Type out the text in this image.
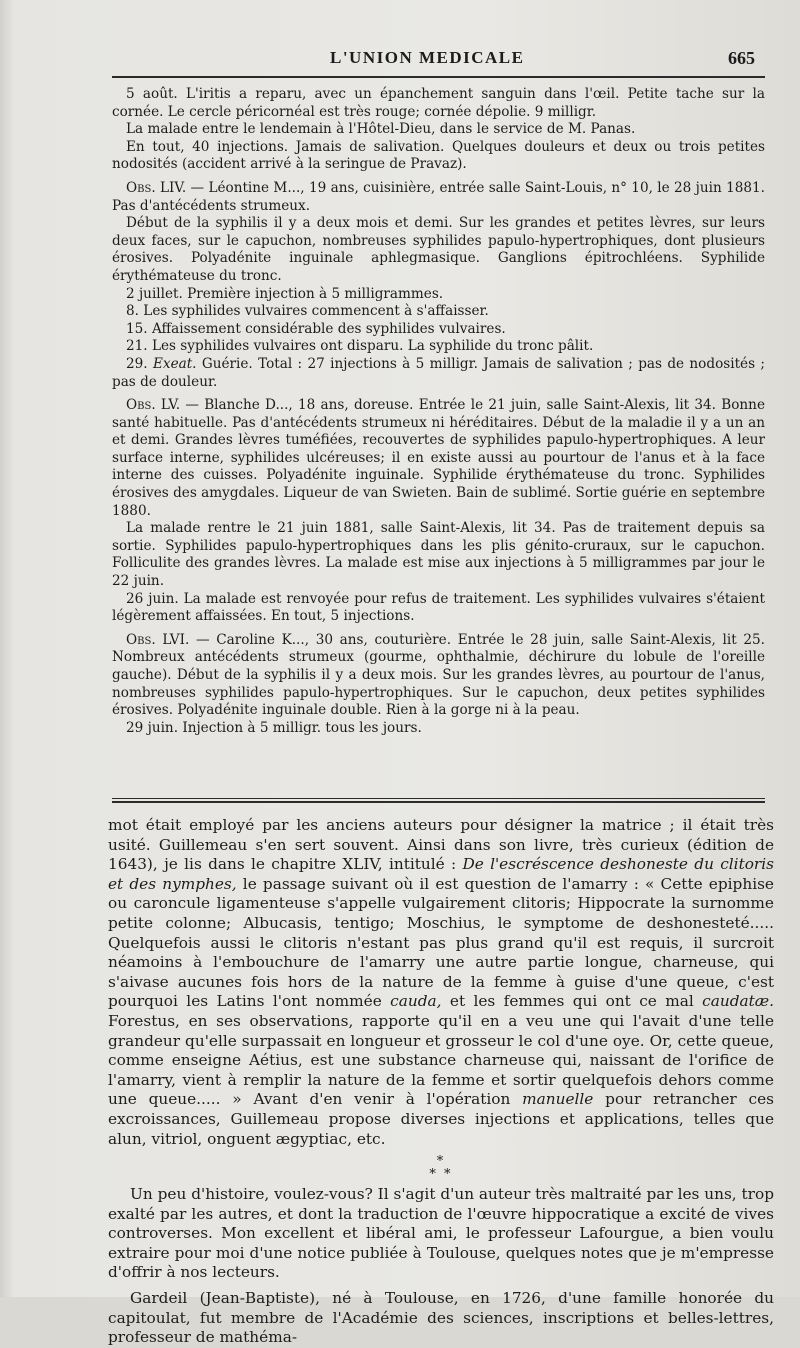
L'UNION MEDICALE	665

5 août. L'iritis a reparu, avec un épanchement sanguin dans l'œil. Petite tache sur la cornée. Le cercle péricornéal est très rouge; cornée dépolie. 9 milligr.

La malade entre le lendemain à l'Hôtel-Dieu, dans le service de M. Panas.

En tout, 40 injections. Jamais de salivation. Quelques douleurs et deux ou trois petites nodosités (accident arrivé à la seringue de Pravaz).

Obs. LIV. — Léontine M..., 19 ans, cuisinière, entrée salle Saint-Louis, n° 10, le 28 juin 1881. Pas d'antécédents strumeux.

Début de la syphilis il y a deux mois et demi. Sur les grandes et petites lèvres, sur leurs deux faces, sur le capuchon, nombreuses syphilides papulo-hypertrophiques, dont plusieurs érosives. Polyadénite inguinale aphlegmasique. Ganglions épitrochléens. Syphilide érythémateuse du tronc.

2 juillet. Première injection à 5 milligrammes.

8. Les syphilides vulvaires commencent à s'affaisser.

15. Affaissement considérable des syphilides vulvaires.

21. Les syphilides vulvaires ont disparu. La syphilide du tronc pâlit.

29. Exeat. Guérie. Total : 27 injections à 5 milligr. Jamais de salivation ; pas de nodosités ; pas de douleur.

Obs. LV. — Blanche D..., 18 ans, doreuse. Entrée le 21 juin, salle Saint-Alexis, lit 34. Bonne santé habituelle. Pas d'antécédents strumeux ni héréditaires. Début de la maladie il y a un an et demi. Grandes lèvres tuméfiées, recouvertes de syphilides papulo-hypertrophiques. A leur surface interne, syphilides ulcéreuses; il en existe aussi au pourtour de l'anus et à la face interne des cuisses. Polyadénite inguinale. Syphilide érythémateuse du tronc. Syphilides érosives des amygdales. Liqueur de van Swieten. Bain de sublimé. Sortie guérie en septembre 1880.

La malade rentre le 21 juin 1881, salle Saint-Alexis, lit 34. Pas de traitement depuis sa sortie. Syphilides papulo-hypertrophiques dans les plis génito-cruraux, sur le capuchon. Folliculite des grandes lèvres. La malade est mise aux injections à 5 milligrammes par jour le 22 juin.

26 juin. La malade est renvoyée pour refus de traitement. Les syphilides vulvaires s'étaient légèrement affaissées. En tout, 5 injections.

Obs. LVI. — Caroline K..., 30 ans, couturière. Entrée le 28 juin, salle Saint-Alexis, lit 25. Nombreux antécédents strumeux (gourme, ophthalmie, déchirure du lobule de l'oreille gauche). Début de la syphilis il y a deux mois. Sur les grandes lèvres, au pourtour de l'anus, nombreuses syphilides papulo-hypertrophiques. Sur le capuchon, deux petites syphilides érosives. Polyadénite inguinale double. Rien à la gorge ni à la peau.

29 juin. Injection à 5 milligr. tous les jours.

mot était employé par les anciens auteurs pour désigner la matrice ; il était très usité. Guillemeau s'en sert souvent. Ainsi dans son livre, très curieux (édition de 1643), je lis dans le chapitre XLIV, intitulé : De l'escréscence deshoneste du clitoris et des nymphes, le passage suivant où il est question de l'amarry : « Cette epiphise ou caroncule ligamenteuse s'appelle vulgairement clitoris; Hippocrate la surnomme petite colonne; Albucasis, tentigo; Moschius, le symptome de deshonesteté..... Quelquefois aussi le clitoris n'estant pas plus grand qu'il est requis, il surcroit néamoins à l'embouchure de l'amarry une autre partie longue, charneuse, qui s'aivase aucunes fois hors de la nature de la femme à guise d'une queue, c'est pourquoi les Latins l'ont nommée cauda, et les femmes qui ont ce mal caudatæ. Forestus, en ses observations, rapporte qu'il en a veu une qui l'avait d'une telle grandeur qu'elle surpassait en longueur et grosseur le col d'une oye. Or, cette queue, comme enseigne Aétius, est une substance charneuse qui, naissant de l'orifice de l'amarry, vient à remplir la nature de la femme et sortir quelquefois dehors comme une queue..... » Avant d'en venir à l'opération manuelle pour retrancher ces excroissances, Guillemeau propose diverses injections et applications, telles que alun, vitriol, onguent ægyptiac, etc.

*
* *

Un peu d'histoire, voulez-vous? Il s'agit d'un auteur très maltraité par les uns, trop exalté par les autres, et dont la traduction de l'œuvre hippocratique a excité de vives controverses. Mon excellent et libéral ami, le professeur Lafourgue, a bien voulu extraire pour moi d'une notice publiée à Toulouse, quelques notes que je m'empresse d'offrir à nos lecteurs.

Gardeil (Jean-Baptiste), né à Toulouse, en 1726, d'une famille honorée du capitoulat, fut membre de l'Académie des sciences, inscriptions et belles-lettres, professeur de mathéma-
